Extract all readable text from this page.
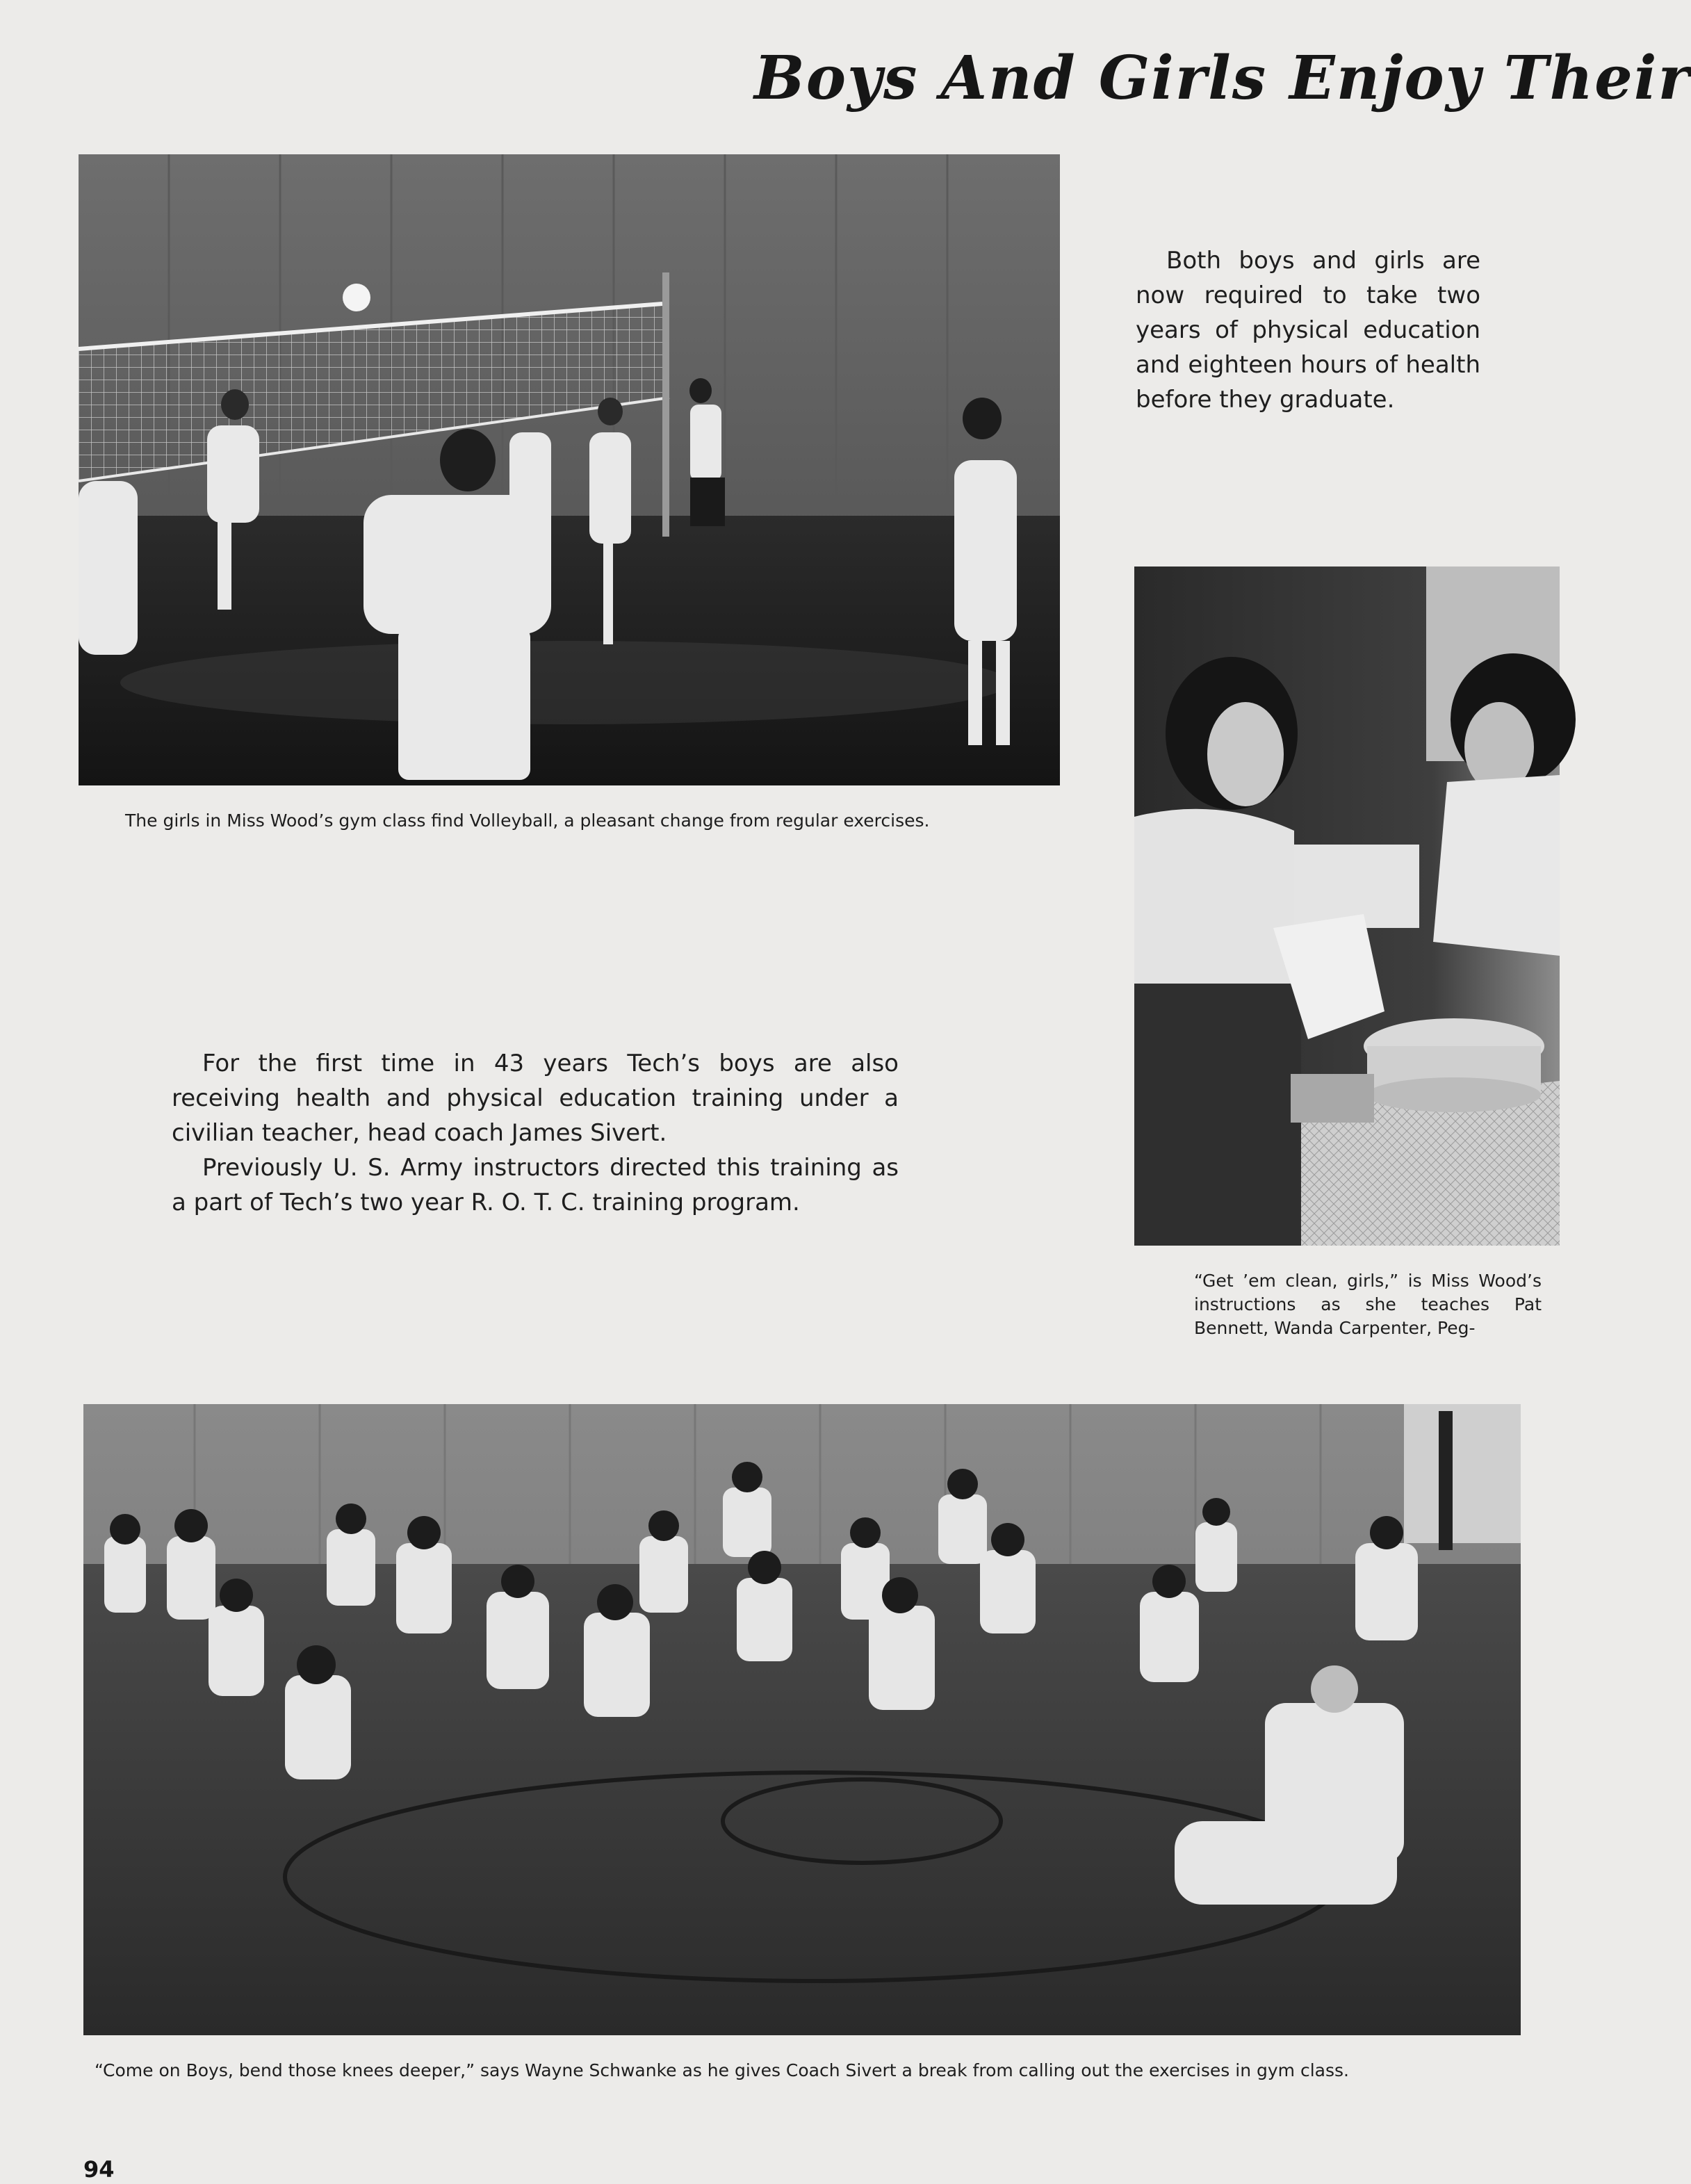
Boys And Girls Enjoy Their
The girls in Miss Wood’s gym class find Volleyball, a pleasant change from regular exercises.

Both boys and girls are now required to take two years of physical education and eighteen hours of health before they graduate.

“Get ’em clean, girls,” is Miss Wood’s instructions as she teaches Pat Bennett, Wanda Carpenter, Peg-

For the first time in 43 years Tech’s boys are also receiving health and physical education training under a civilian teacher, head coach James Sivert.

Previously U. S. Army instructors directed this training as a part of Tech’s two year R. O. T. C. training program.

“Come on Boys, bend those knees deeper,” says Wayne Schwanke as he gives Coach Sivert a break from calling out the exercises in gym class.
94
